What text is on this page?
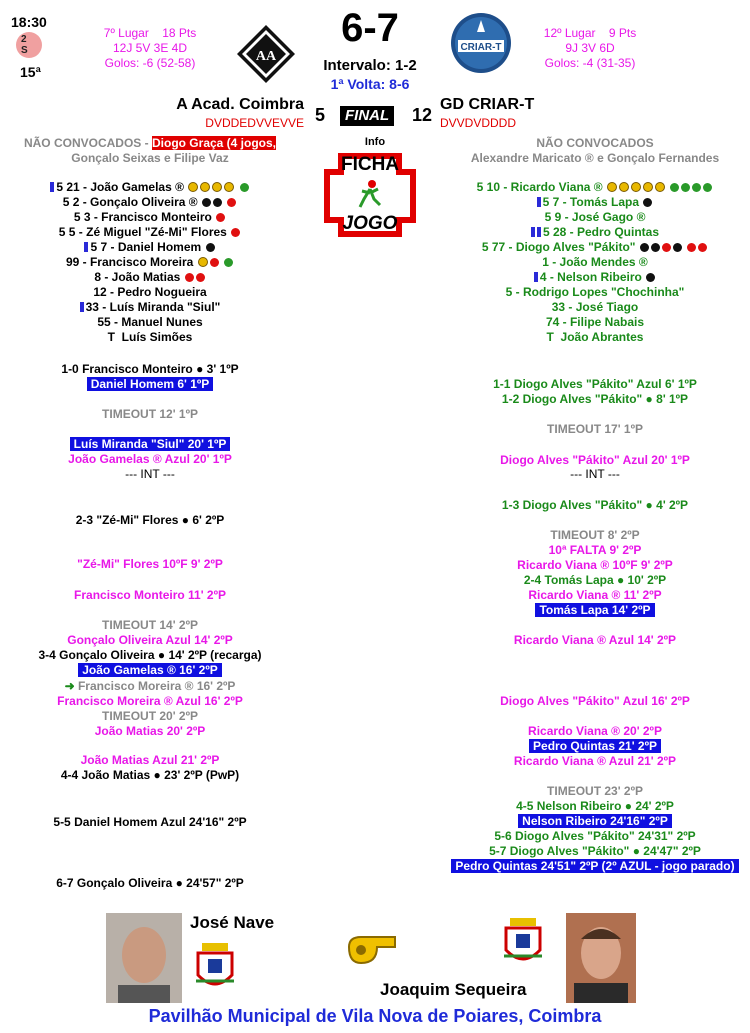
18:30
2
S
15ª
7º Lugar 18 Pts
12J 5V 3E 4D
Golos: -6 (52-58)	AA
6-7
Intervalo: 1-2
1ª Volta: 8-6
CRIAR-T
12º Lugar 9 Pts
9J 3V 6D
Golos: -4 (31-35)
A Acad. Coimbra
DVDDEDVVEVVE 5	FINAL 12
GD CRIAR-T
DVVDVDDDD
Info
FICHA
JOGO
NÃO CONVOCADOS - Diogo Graça (4 jogos,
Gonçalo Seixas e Filipe Vaz
NÃO CONVOCADOS
Alexandre Maricato ® e Gonçalo Fernandes
5 21 - João Gamelas ®
5 2 - Gonçalo Oliveira ®
5 3 - Francisco Monteiro
5 5 - Zé Miguel "Zé-Mi" Flores
5 7 - Daniel Homem
99 - Francisco Moreira
8 - João Matias
12 - Pedro Nogueira
33 - Luís Miranda "Siul"
55 - Manuel Nunes
T  Luís Simões
5 10 - Ricardo Viana ®
5 7 - Tomás Lapa
5 9 - José Gago ®
5 28 - Pedro Quintas
5 77 - Diogo Alves "Pákito"
1 - João Mendes ®
4 - Nelson Ribeiro
5 - Rodrigo Lopes "Chochinha"
33 - José Tiago
74 - Filipe Nabais
T  João Abrantes
1-0 Francisco Monteiro ● 3' 1ºP
Daniel Homem 6' 1ºP
TIMEOUT 12' 1ºP
Luís Miranda "Siul" 20' 1ºP
João Gamelas ® Azul 20' 1ºP
--- INT ---
2-3 "Zé-Mi" Flores ● 6' 2ºP
"Zé-Mi" Flores 10ºF 9' 2ºP
Francisco Monteiro 11' 2ºP
TIMEOUT 14' 2ºP
Gonçalo Oliveira Azul 14' 2ºP
3-4 Gonçalo Oliveira ● 14' 2ºP (recarga)
João Gamelas ® 16' 2ºP
➜ Francisco Moreira ® 16' 2ºP
Francisco Moreira ® Azul 16' 2ºP
TIMEOUT 20' 2ºP
João Matias 20' 2ºP
João Matias Azul 21' 2ºP
4-4 João Matias ● 23' 2ºP (PwP)
5-5 Daniel Homem Azul 24'16" 2ºP
6-7 Gonçalo Oliveira ● 24'57" 2ºP
1-1 Diogo Alves "Pákito" Azul 6' 1ºP
1-2 Diogo Alves "Pákito" ● 8' 1ºP
TIMEOUT 17' 1ºP
Diogo Alves "Pákito" Azul 20' 1ºP
--- INT ---
1-3 Diogo Alves "Pákito" ● 4' 2ºP
TIMEOUT 8' 2ºP
10ª FALTA 9' 2ºP
Ricardo Viana ® 10ºF 9' 2ºP
2-4 Tomás Lapa ● 10' 2ºP
Ricardo Viana ® 11' 2ºP
Tomás Lapa 14' 2ºP
Ricardo Viana ® Azul 14' 2ºP
Diogo Alves "Pákito" Azul 16' 2ºP
Ricardo Viana ® 20' 2ºP
Pedro Quintas 21' 2ºP
Ricardo Viana ® Azul 21' 2ºP
TIMEOUT 23' 2ºP
4-5 Nelson Ribeiro ● 24' 2ºP
Nelson Ribeiro 24'16" 2ºP
5-6 Diogo Alves "Pákito" 24'31" 2ºP
5-7 Diogo Alves "Pákito" ● 24'47" 2ºP
Pedro Quintas 24'51" 2ºP (2º AZUL - jogo parado)
José Nave
Joaquim Sequeira
Pavilhão Municipal de Vila Nova de Poiares, Coimbra
